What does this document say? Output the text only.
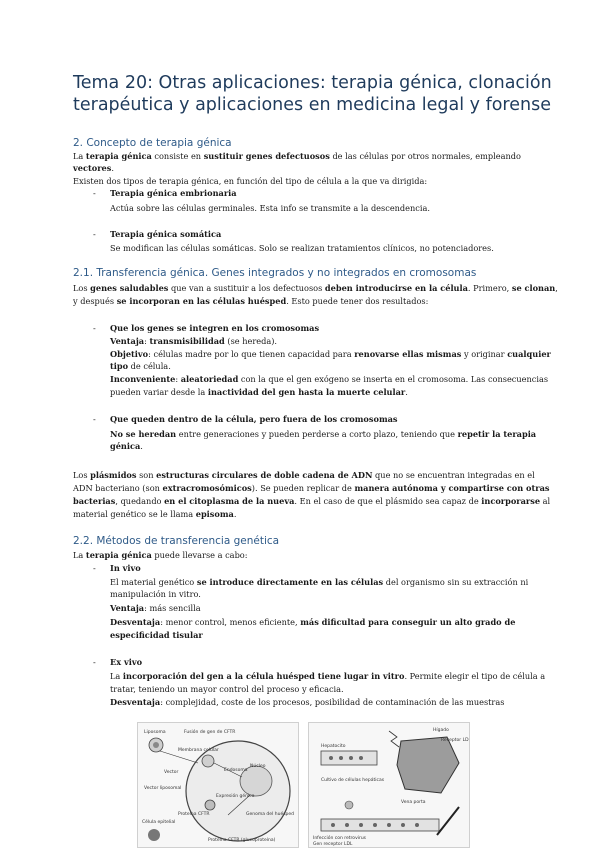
Tema 20: Otras aplicaciones: terapia génica, clonación terapéutica y aplicaciones en medicina legal y forense
2. Concepto de terapia génica
La terapia génica consiste en sustituir genes defectuosos de las células por otros normales, empleando
vectores.
Existen dos tipos de terapia génica, en función del tipo de célula a la que va dirigida:
- Terapia génica embrionaria
Actúa sobre las células germinales. Esta info se transmite a la descendencia.
- Terapia génica somática
Se modifican las células somáticas. Solo se realizan tratamientos clínicos, no potenciadores.
2.1. Transferencia génica. Genes integrados y no integrados en cromosomas
Los genes saludables que van a sustituir a los defectuosos deben introducirse en la célula. Primero, se clonan,
y después se incorporan en las células huésped. Esto puede tener dos resultados:
- Que los genes se integren en los cromosomas
Ventaja: transmisibilidad (se hereda).
Objetivo: células madre por lo que tienen capacidad para renovarse ellas mismas y originar cualquier
tipo de célula.
Inconveniente: aleatoriedad con la que el gen exógeno se inserta en el cromosoma. Las consecuencias
pueden variar desde la inactividad del gen hasta la muerte celular.
- Que queden dentro de la célula, pero fuera de los cromosomas
No se heredan entre generaciones y pueden perderse a corto plazo, teniendo que repetir la terapia
génica.
Los plásmidos son estructuras circulares de doble cadena de ADN que no se encuentran integradas en el
ADN bacteriano (son extracromosómicos). Se pueden replicar de manera autónoma y compartirse con otras
bacterias, quedando en el citoplasma de la nueva. En el caso de que el plásmido sea capaz de incorporarse al
material genético se le llama episoma.
2.2. Métodos de transferencia genética
La terapia génica puede llevarse a cabo:
- In vivo
El material genético se introduce directamente en las células del organismo sin su extracción ni
manipulación in vitro.
Ventaja: más sencilla
Desventaja: menor control, menos eficiente, más dificultad para conseguir un alto grado de
especificidad tisular
- Ex vivo
La incorporación del gen a la célula huésped tiene lugar in vitro. Permite elegir el tipo de célula a
tratar, teniendo un mayor control del proceso y eficacia.
Desventaja: complejidad, coste de los procesos, posibilidad de contaminación de las muestras
Liposoma	Fusión de gen de CFTR
Membrana celular
Vector
Vector liposomal
Endosoma
Núcleo
Expresión génica
Proteína CFTR	Genoma del huésped
Célula epitelial
Proteína CFTR (glucoproteína)
Hígado
Hepatocito
Receptor LDL
Cultivo de células hepáticas
Vena porta
Infección con retrovirus
Gen receptor LDL
